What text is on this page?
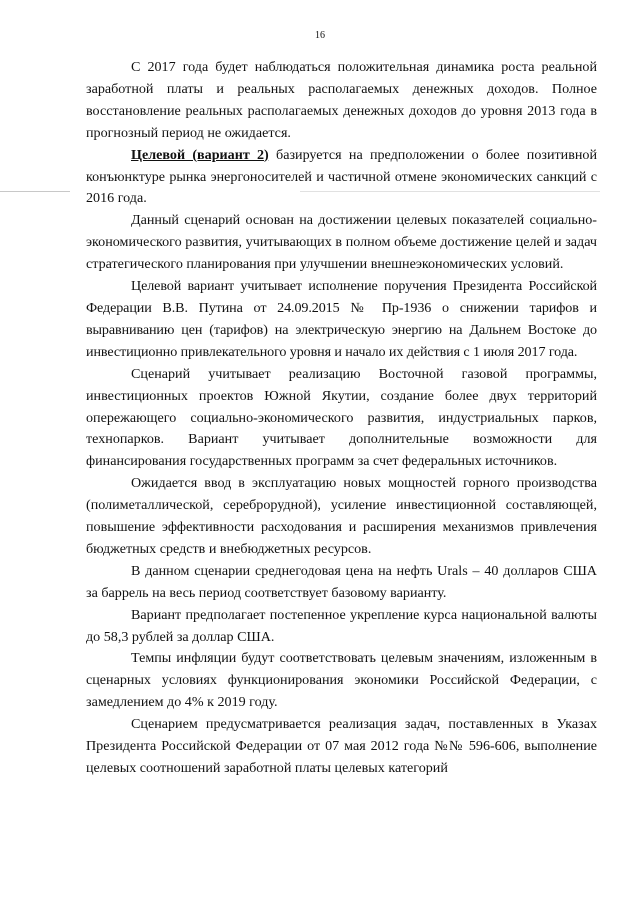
16

С 2017 года будет наблюдаться положительная динамика роста реальной заработной платы и реальных располагаемых денежных доходов. Полное восстановление реальных располагаемых денежных доходов до уровня 2013 года в прогнозный период не ожидается.

Целевой (вариант 2) базируется на предположении о более позитивной конъюнктуре рынка энергоносителей и частичной отмене экономических санкций с 2016 года.

Данный сценарий основан на достижении целевых показателей социально-экономического развития, учитывающих в полном объеме достижение целей и задач стратегического планирования при улучшении внешнеэкономических условий.

Целевой вариант учитывает исполнение поручения Президента Российской Федерации В.В. Путина от 24.09.2015 № Пр-1936 о снижении тарифов и выравниванию цен (тарифов) на электрическую энергию на Дальнем Востоке до инвестиционно привлекательного уровня и начало их действия с 1 июля 2017 года.

Сценарий учитывает реализацию Восточной газовой программы, инвестиционных проектов Южной Якутии, создание более двух территорий опережающего социально-экономического развития, индустриальных парков, технопарков. Вариант учитывает дополнительные возможности для финансирования государственных программ за счет федеральных источников.

Ожидается ввод в эксплуатацию новых мощностей горного производства (полиметаллической, сереброрудной), усиление инвестиционной составляющей, повышение эффективности расходования и расширения механизмов привлечения бюджетных средств и внебюджетных ресурсов.

В данном сценарии среднегодовая цена на нефть Urals – 40 долларов США за баррель на весь период соответствует базовому варианту.

Вариант предполагает постепенное укрепление курса национальной валюты до 58,3 рублей за доллар США.

Темпы инфляции будут соответствовать целевым значениям, изложенным в сценарных условиях функционирования экономики Российской Федерации, с замедлением до 4% к 2019 году.

Сценарием предусматривается реализация задач, поставленных в Указах Президента Российской Федерации от 07 мая 2012 года №№ 596-606, выполнение целевых соотношений заработной платы целевых категорий
